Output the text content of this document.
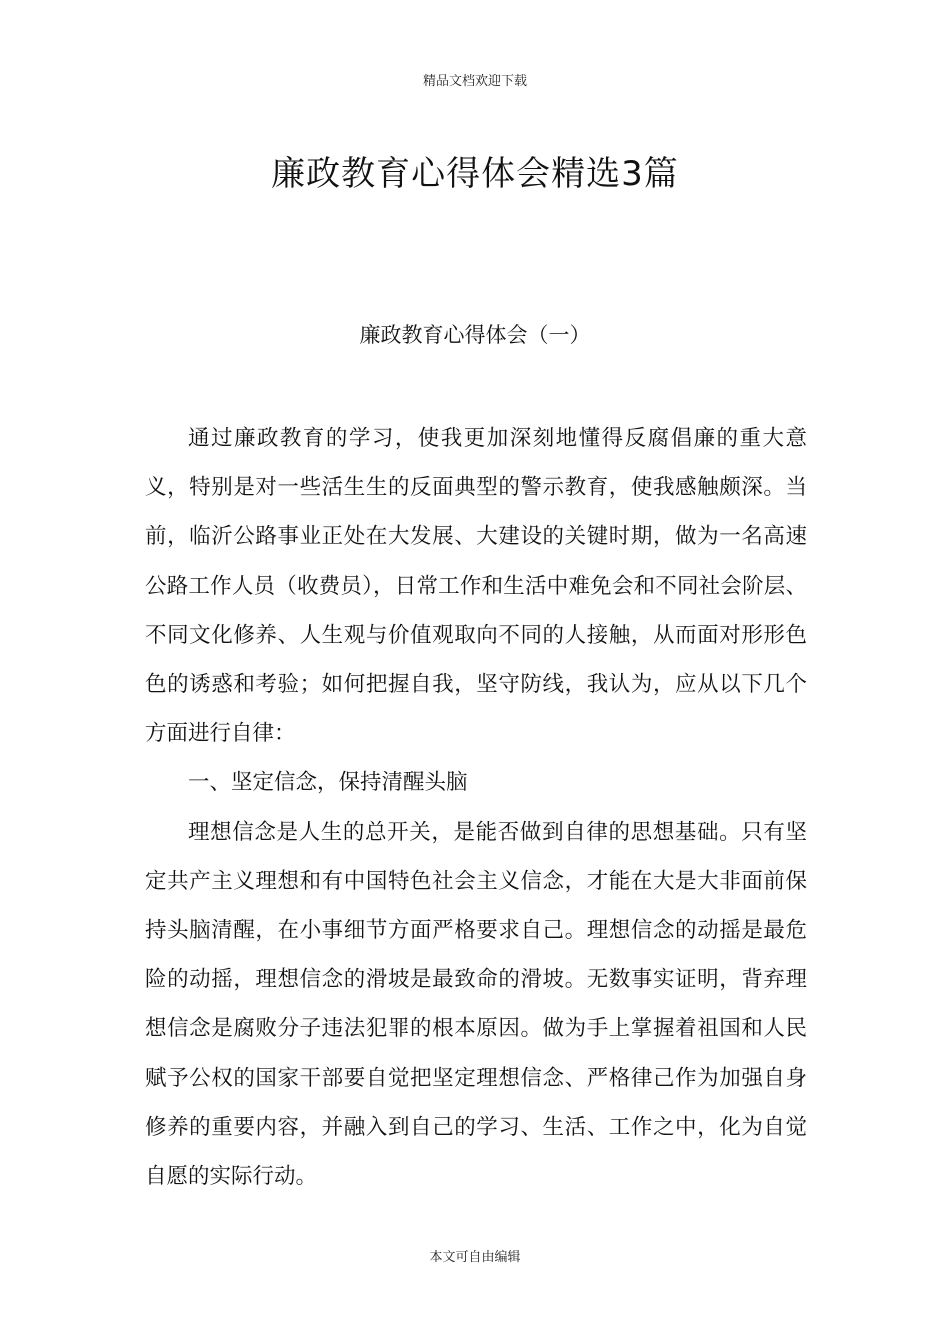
精品文档欢迎下载
廉政教育心得体会精选3篇
廉政教育心得体会（一）

通过廉政教育的学习，使我更加深刻地懂得反腐倡廉的重大意义，特别是对一些活生生的反面典型的警示教育，使我感触颇深。当前，临沂公路事业正处在大发展、大建设的关键时期，做为一名高速公路工作人员（收费员），日常工作和生活中难免会和不同社会阶层、不同文化修养、人生观与价值观取向不同的人接触，从而面对形形色色的诱惑和考验；如何把握自我，坚守防线，我认为，应从以下几个方面进行自律：

一、坚定信念，保持清醒头脑

理想信念是人生的总开关，是能否做到自律的思想基础。只有坚定共产主义理想和有中国特色社会主义信念，才能在大是大非面前保持头脑清醒，在小事细节方面严格要求自己。理想信念的动摇是最危险的动摇，理想信念的滑坡是最致命的滑坡。无数事实证明，背弃理想信念是腐败分子违法犯罪的根本原因。做为手上掌握着祖国和人民赋予公权的国家干部要自觉把坚定理想信念、严格律己作为加强自身修养的重要内容，并融入到自己的学习、生活、工作之中，化为自觉自愿的实际行动。

本文可自由编辑
